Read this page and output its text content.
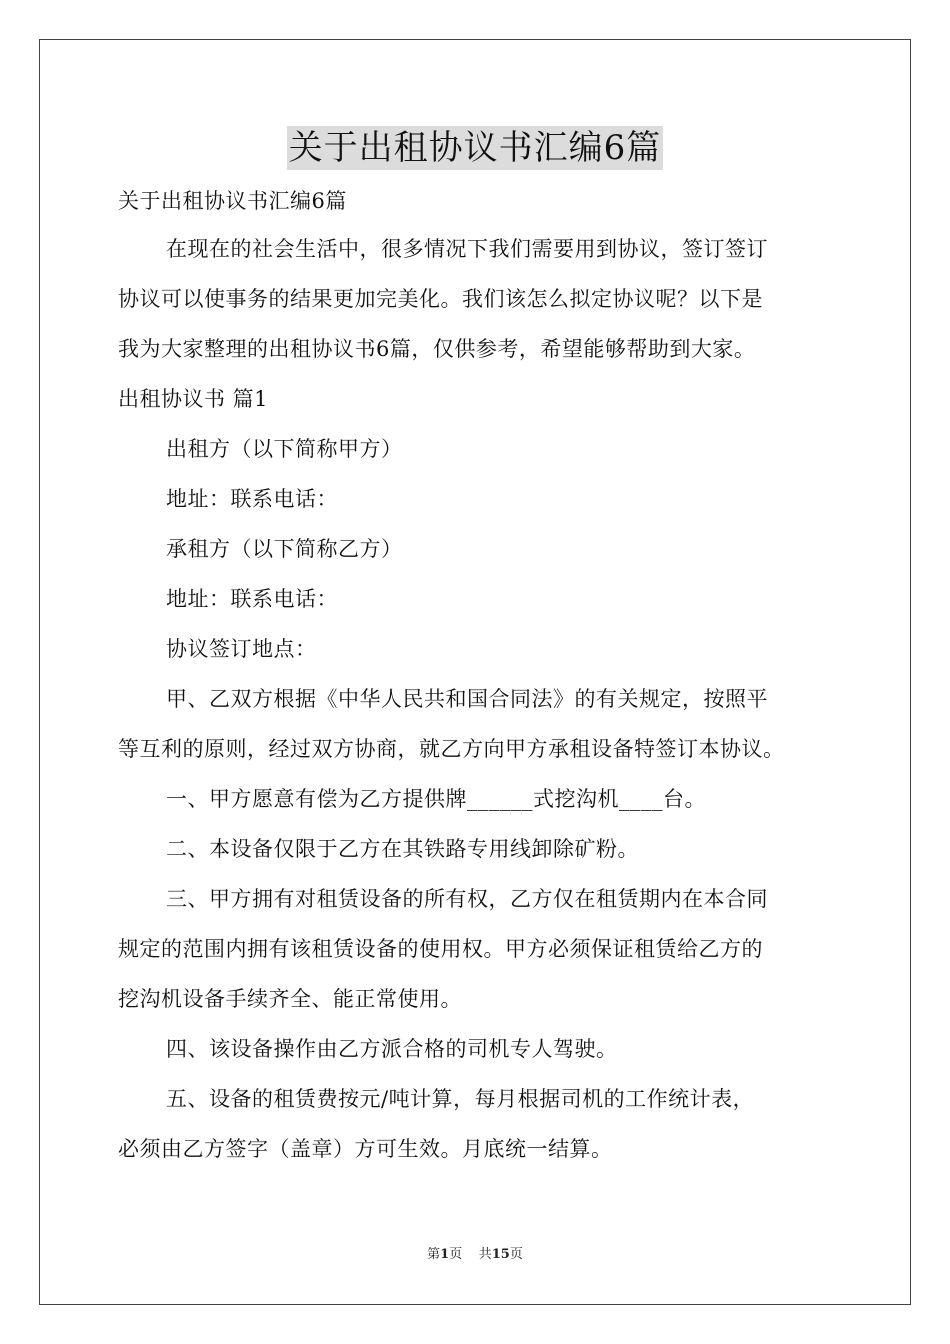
关于出租协议书汇编6篇
关于出租协议书汇编6篇
在现在的社会生活中，很多情况下我们需要用到协议，签订签订
协议可以使事务的结果更加完美化。我们该怎么拟定协议呢？以下是
我为大家整理的出租协议书6篇，仅供参考，希望能够帮助到大家。
出租协议书 篇1
出租方（以下简称甲方）
地址：联系电话：
承租方（以下简称乙方）
地址：联系电话：
协议签订地点：
甲、乙双方根据《中华人民共和国合同法》的有关规定，按照平
等互利的原则，经过双方协商，就乙方向甲方承租设备特签订本协议。
一、甲方愿意有偿为乙方提供牌______式挖沟机____台。
二、本设备仅限于乙方在其铁路专用线卸除矿粉。
三、甲方拥有对租赁设备的所有权，乙方仅在租赁期内在本合同
规定的范围内拥有该租赁设备的使用权。甲方必须保证租赁给乙方的
挖沟机设备手续齐全、能正常使用。
四、该设备操作由乙方派合格的司机专人驾驶。
五、设备的租赁费按元/吨计算，每月根据司机的工作统计表，
必须由乙方签字（盖章）方可生效。月底统一结算。
第1页 共15页
